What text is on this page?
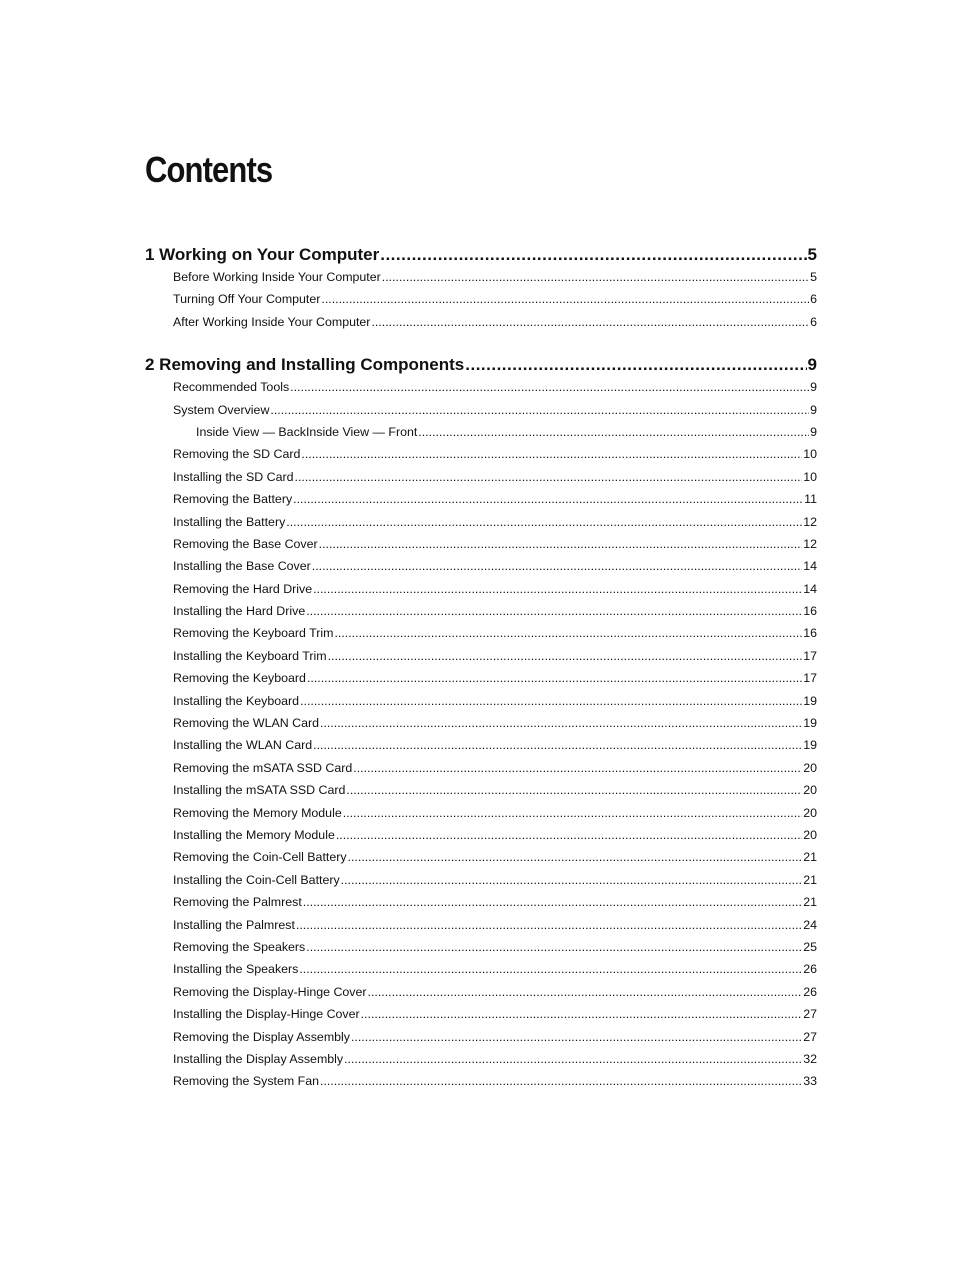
Contents
1 Working on Your Computer .....	5
Before Working Inside Your Computer .....	5
Turning Off Your Computer .....	6
After Working Inside Your Computer .....	6
2 Removing and Installing Components .....	9
Recommended Tools .....	9
System Overview .....	9
Inside View — BackInside View — Front .....	9
Removing the SD Card .....	10
Installing the SD Card .....	10
Removing the Battery .....	11
Installing the Battery .....	12
Removing the Base Cover .....	12
Installing the Base Cover .....	14
Removing the Hard Drive .....	14
Installing the Hard Drive .....	16
Removing the Keyboard Trim .....	16
Installing the Keyboard Trim .....	17
Removing the Keyboard .....	17
Installing the Keyboard .....	19
Removing the WLAN Card .....	19
Installing the WLAN Card .....	19
Removing the mSATA SSD Card .....	20
Installing the mSATA SSD Card .....	20
Removing the Memory Module .....	20
Installing the Memory Module .....	20
Removing the Coin-Cell Battery .....	21
Installing the Coin-Cell Battery .....	21
Removing the Palmrest .....	21
Installing the Palmrest .....	24
Removing the Speakers .....	25
Installing the Speakers .....	26
Removing the Display-Hinge Cover .....	26
Installing the Display-Hinge Cover .....	27
Removing the Display Assembly .....	27
Installing the Display Assembly .....	32
Removing the System Fan .....	33
